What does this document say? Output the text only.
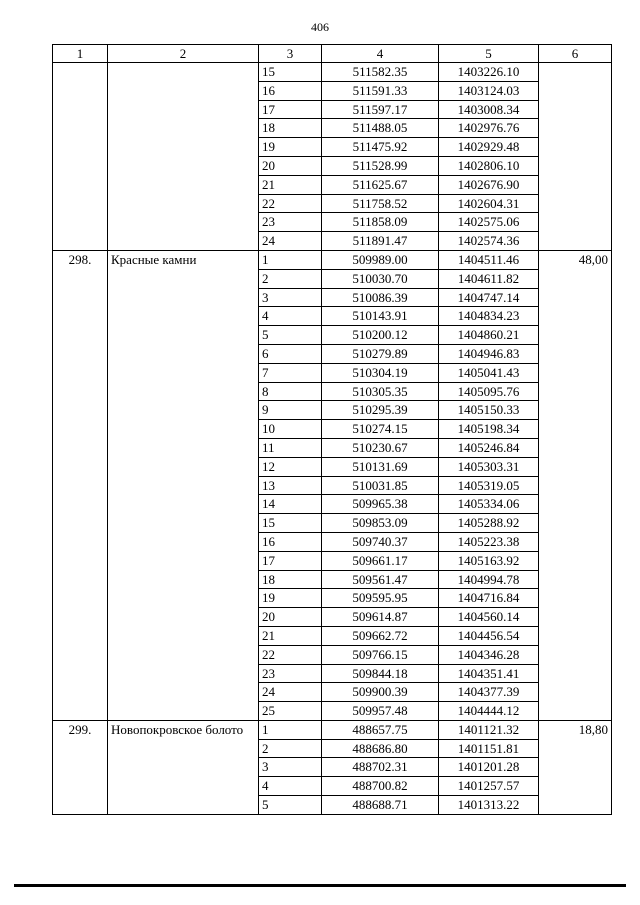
406
1	2	3	4	5	6
		15	511582.35	1403226.10	
		16	511591.33	1403124.03	
		17	511597.17	1403008.34	
		18	511488.05	1402976.76	
		19	511475.92	1402929.48	
		20	511528.99	1402806.10	
		21	511625.67	1402676.90	
		22	511758.52	1402604.31	
		23	511858.09	1402575.06	
		24	511891.47	1402574.36	
298.	Красные камни	1	509989.00	1404511.46	48,00
		2	510030.70	1404611.82	
		3	510086.39	1404747.14	
		4	510143.91	1404834.23	
		5	510200.12	1404860.21	
		6	510279.89	1404946.83	
		7	510304.19	1405041.43	
		8	510305.35	1405095.76	
		9	510295.39	1405150.33	
		10	510274.15	1405198.34	
		11	510230.67	1405246.84	
		12	510131.69	1405303.31	
		13	510031.85	1405319.05	
		14	509965.38	1405334.06	
		15	509853.09	1405288.92	
		16	509740.37	1405223.38	
		17	509661.17	1405163.92	
		18	509561.47	1404994.78	
		19	509595.95	1404716.84	
		20	509614.87	1404560.14	
		21	509662.72	1404456.54	
		22	509766.15	1404346.28	
		23	509844.18	1404351.41	
		24	509900.39	1404377.39	
		25	509957.48	1404444.12	
299.	Новопокровское болото	1	488657.75	1401121.32	18,80
		2	488686.80	1401151.81	
		3	488702.31	1401201.28	
		4	488700.82	1401257.57	
		5	488688.71	1401313.22	
